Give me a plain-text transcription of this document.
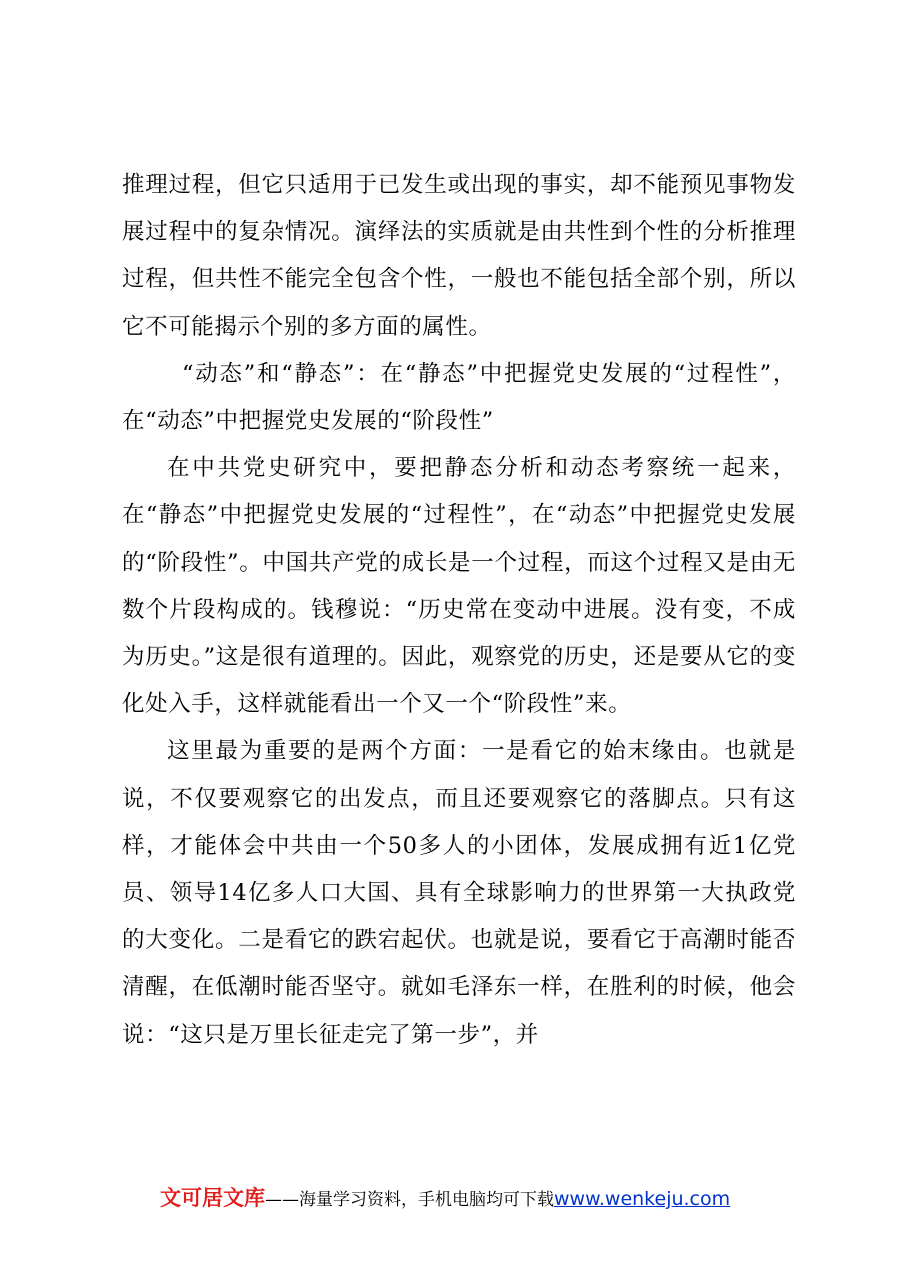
推理过程，但它只适用于已发生或出现的事实，却不能预见事物发展过程中的复杂情况。演绎法的实质就是由共性到个性的分析推理过程，但共性不能完全包含个性，一般也不能包括全部个别，所以它不可能揭示个别的多方面的属性。

“动态”和“静态”：在“静态”中把握党史发展的“过程性”，在“动态”中把握党史发展的“阶段性”

在中共党史研究中，要把静态分析和动态考察统一起来，在“静态”中把握党史发展的“过程性”，在“动态”中把握党史发展的“阶段性”。中国共产党的成长是一个过程，而这个过程又是由无数个片段构成的。钱穆说：“历史常在变动中进展。没有变，不成为历史。”这是很有道理的。因此，观察党的历史，还是要从它的变化处入手，这样就能看出一个又一个“阶段性”来。

这里最为重要的是两个方面：一是看它的始末缘由。也就是说，不仅要观察它的出发点，而且还要观察它的落脚点。只有这样，才能体会中共由一个50多人的小团体，发展成拥有近1亿党员、领导14亿多人口大国、具有全球影响力的世界第一大执政党的大变化。二是看它的跌宕起伏。也就是说，要看它于高潮时能否清醒，在低潮时能否坚守。就如毛泽东一样，在胜利的时候，他会说：“这只是万里长征走完了第一步”，并

文可居文库——海量学习资料，手机电脑均可下载www.wenkeju.com
